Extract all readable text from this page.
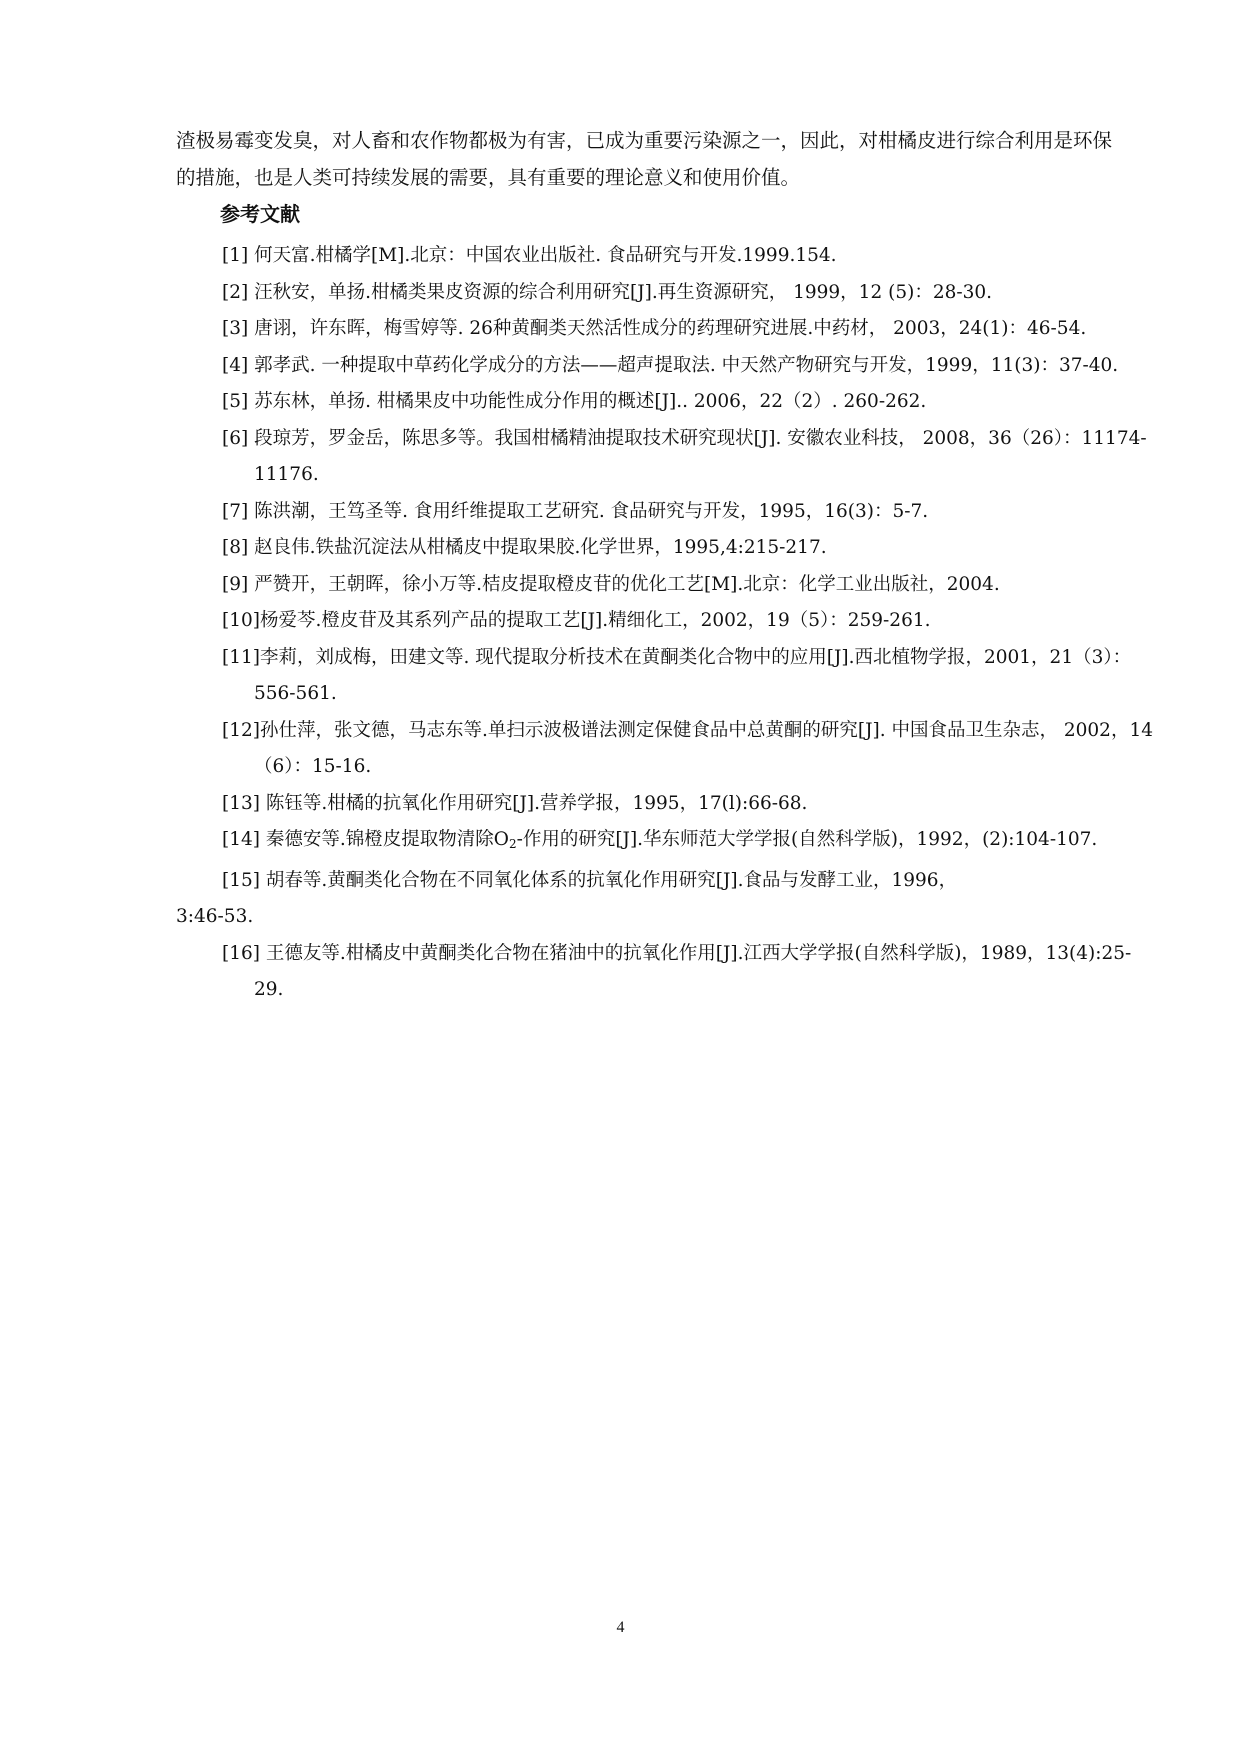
渣极易霉变发臭，对人畜和农作物都极为有害，已成为重要污染源之一，因此，对柑橘皮进行综合利用是环保的措施，也是人类可持续发展的需要，具有重要的理论意义和使用价值。
参考文献
[1] 何天富.柑橘学[M].北京：中国农业出版社. 食品研究与开发.1999.154.
[2] 汪秋安，单扬.柑橘类果皮资源的综合利用研究[J].再生资源研究， 1999，12 (5)：28-30.
[3] 唐诩，许东晖，梅雪婷等. 26种黄酮类天然活性成分的药理研究进展.中药材， 2003，24(1)：46-54.
[4] 郭孝武. 一种提取中草药化学成分的方法——超声提取法. 中天然产物研究与开发，1999，11(3)：37-40.
[5] 苏东林，单扬. 柑橘果皮中功能性成分作用的概述[J].. 2006，22（2）. 260-262.
[6] 段琼芳，罗金岳，陈思多等。我国柑橘精油提取技术研究现状[J]. 安徽农业科技， 2008，36（26）：11174-11176.
[7] 陈洪潮，王笃圣等. 食用纤维提取工艺研究. 食品研究与开发，1995，16(3)：5-7.
[8] 赵良伟.铁盐沉淀法从柑橘皮中提取果胶.化学世界，1995,4:215-217.
[9] 严赞开，王朝晖，徐小万等.桔皮提取橙皮苷的优化工艺[M].北京：化学工业出版社，2004.
[10]杨爱芩.橙皮苷及其系列产品的提取工艺[J].精细化工，2002，19（5）：259-261.
[11]李莉，刘成梅，田建文等. 现代提取分析技术在黄酮类化合物中的应用[J].西北植物学报，2001，21（3）：556-561.
[12]孙仕萍，张文德，马志东等.单扫示波极谱法测定保健食品中总黄酮的研究[J]. 中国食品卫生杂志， 2002，14（6）：15-16.
[13] 陈钰等.柑橘的抗氧化作用研究[J].营养学报，1995，17(l):66-68.
[14] 秦德安等.锦橙皮提取物清除$O_2-$作用的研究[J].华东师范大学学报(自然科学版)，1992，(2):104-107.
[15] 胡春等.黄酮类化合物在不同氧化体系的抗氧化作用研究[J].食品与发酵工业，1996，
3:46-53.
[16] 王德友等.柑橘皮中黄酮类化合物在猪油中的抗氧化作用[J].江西大学学报(自然科学版)，1989，13(4):25-29.
4
